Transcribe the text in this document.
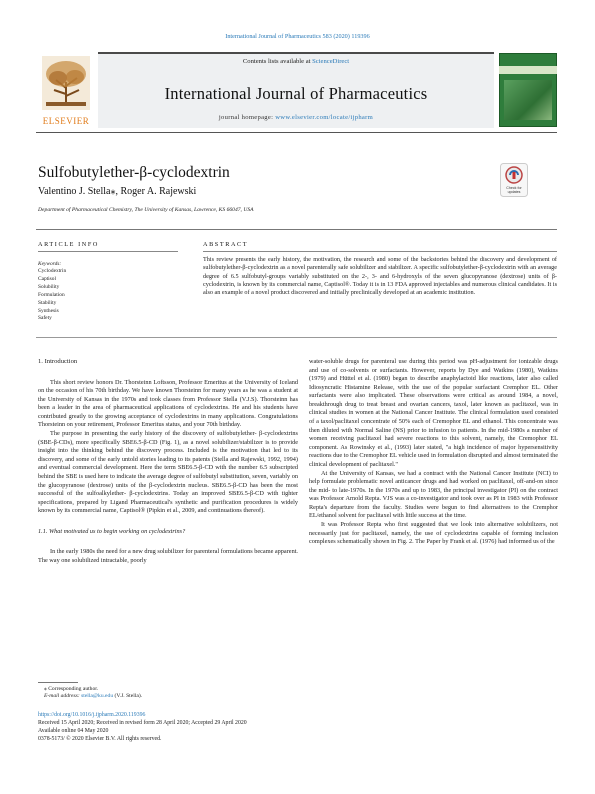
International Journal of Pharmaceutics 583 (2020) 119396
Contents lists available at ScienceDirect
International Journal of Pharmaceutics
journal homepage: www.elsevier.com/locate/ijpharm
ELSEVIER
Sulfobutylether-β-cyclodextrin
Valentino J. Stella⁎, Roger A. Rajewski
Department of Pharmaceutical Chemistry, The University of Kansas, Lawrence, KS 66047, USA
Check for
updates
ARTICLE INFO	ABSTRACT
Keywords:
Cyclodextrin
Captisol
Solubility
Formulation
Stability
Synthesis
Safety
This review presents the early history, the motivation, the research and some of the backstories behind the discovery and development of sulfobutylether-β-cyclodextrin as a novel parenterally safe solubilizer and stabilizer. A specific sulfobutylether-β-cyclodextrin with an average degree of 6.5 sulfobutyl-groups variably substituted on the 2-, 3- and 6-hydroxyls of the seven glucopyranose (dextrose) units of β-cyclodextrin, is known by its commercial name, Captisol®. Today it is in 13 FDA approved injectables and numerous clinical candidates. It is also an example of a novel product discovered and initially preclinically developed at an academic institution.
1. Introduction

This short review honors Dr. Thorsteinn Loftsson, Professor Emeritus at the University of Iceland on the occasion of his 70th birthday. We have known Thorsteinn for many years as he was a student at the University of Kansas in the 1970s and took classes from Professor Stella (V.J.S). Thorsteinn has been a leader in the area of pharmaceutical applications of cyclodextrins. He and his students have contributed greatly to the growing acceptance of cyclodextrins in many applications. Congratulations Thorsteinn on your retirement, Professor Emeritus status, and your 70th birthday.

The purpose in presenting the early history of the discovery of sulfobutylether- β-cyclodextrins (SBE-β-CDs), more specifically SBE6.5-β-CD (Fig. 1), as a novel solubilizer/stabilizer is to provide insight into the thinking behind the discovery process. Included is the motivation that led to its discovery, and some of the early untold stories leading to its patents (Stella and Rajewski, 1992, 1994) and eventual commercial development. Here the term SBE6.5-β-CD with the number 6.5 subscripted behind the SBE is used here to indicate the average degree of sulfobutyl substitution, seven, variably on the glucopyranose (dextrose) units of the β-cyclodextrin nucleus. SBE6.5-β-CD has been the most successful of the sulfoalkylether- β-cyclodextrins. Today an improved SBE6.5-β-CD with tighter specifications, prepared by Ligand Pharmaceutical's synthetic and purification procedures is widely known by its commercial name, Captisol® (Pipkin et al., 2009, and continuations thereof).

1.1. What motivated us to begin working on cyclodextrins?

In the early 1980s the need for a new drug solubilizer for parenteral formulations became apparent. The way one solubilized intractable, poorly

water-soluble drugs for parenteral use during this period was pH-adjustment for ionizable drugs and use of co-solvents or surfactants. However, reports by Dye and Watkins (1980), Watkins (1979) and Hüttel et al. (1980) began to describe anaphylactoid like reactions, later also called Idiosyncratic Histamine Release, with the use of the popular surfactant Cremphor EL. Other surfactants were also implicated. These observations were critical as around 1984, a novel, breakthrough drug to treat breast and ovarian cancers, taxol, later known as paclitaxel, was in clinical studies in women at the National Cancer Institute. The clinical formulation used consisted of a taxol/paclitaxel concentrate of 50% each of Cremophor EL and ethanol. This concentrate was then diluted with Normal Saline (NS) prior to infusion to patients. In the mid-1980s a number of women receiving paclitaxel had severe reactions to this solvent, namely, the Cremophor EL component. As Rowinsky et al., (1993) later stated, "a high incidence of major hypersensitivity reactions due to the Cremophor EL vehicle used in formulation disrupted and almost terminated the clinical development of paclitaxel."

At the University of Kansas, we had a contract with the National Cancer Institute (NCI) to help formulate problematic novel anticancer drugs and had worked on paclitaxel, off-and-on since the mid- to late-1970s. In the 1970s and up to 1983, the principal investigator (PI) on the contract was Professor Arnold Repta. VJS was a co-investigator and took over as PI in 1983 with Professor Repta's departure from the faculty. Studies were begun to find alternatives to the Cremphor EL/ethanol solvent for paclitaxel with little success at the time.

It was Professor Repta who first suggested that we look into alternative solubilizers, not necessarily just for paclitaxel, namely, the use of cyclodextrins capable of forming inclusion complexes schematically shown in Fig. 2. The Paper by Frank et al. (1976) had informed us of the

⁎ Corresponding author.
E-mail address: stella@ku.edu (V.J. Stella).
https://doi.org/10.1016/j.ijpharm.2020.119396
Received 15 April 2020; Received in revised form 28 April 2020; Accepted 29 April 2020
Available online 04 May 2020
0378-5173/ © 2020 Elsevier B.V. All rights reserved.
